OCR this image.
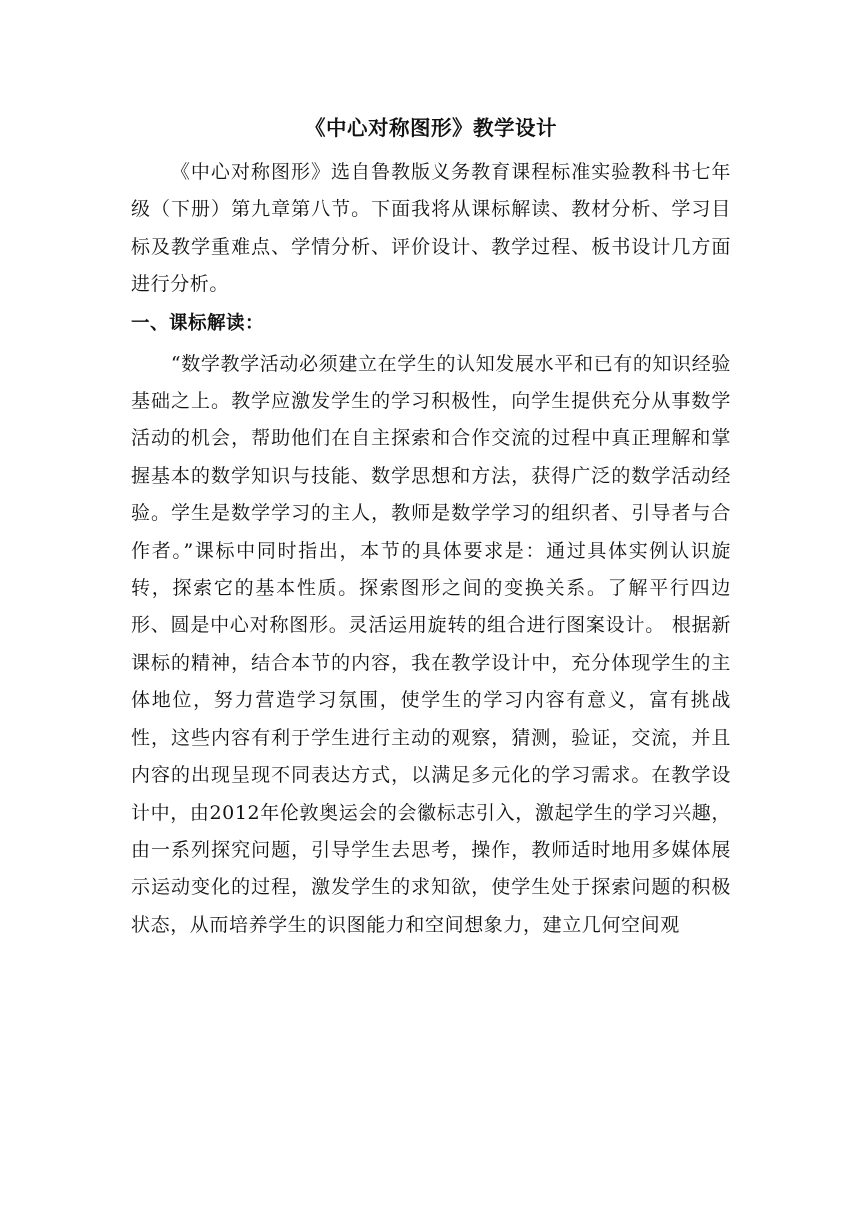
《中心对称图形》教学设计

《中心对称图形》选自鲁教版义务教育课程标准实验教科书七年级（下册）第九章第八节。下面我将从课标解读、教材分析、学习目标及教学重难点、学情分析、评价设计、教学过程、板书设计几方面进行分析。

一、课标解读：

“数学教学活动必须建立在学生的认知发展水平和已有的知识经验基础之上。教学应激发学生的学习积极性，向学生提供充分从事数学活动的机会，帮助他们在自主探索和合作交流的过程中真正理解和掌握基本的数学知识与技能、数学思想和方法，获得广泛的数学活动经验。学生是数学学习的主人，教师是数学学习的组织者、引导者与合作者。”课标中同时指出，本节的具体要求是：通过具体实例认识旋转，探索它的基本性质。探索图形之间的变换关系。了解平行四边形、圆是中心对称图形。灵活运用旋转的组合进行图案设计。 根据新课标的精神，结合本节的内容，我在教学设计中，充分体现学生的主体地位，努力营造学习氛围，使学生的学习内容有意义，富有挑战性，这些内容有利于学生进行主动的观察，猜测，验证，交流，并且内容的出现呈现不同表达方式，以满足多元化的学习需求。在教学设计中，由2012年伦敦奥运会的会徽标志引入，激起学生的学习兴趣，由一系列探究问题，引导学生去思考，操作，教师适时地用多媒体展示运动变化的过程，激发学生的求知欲，使学生处于探索问题的积极状态，从而培养学生的识图能力和空间想象力，建立几何空间观
